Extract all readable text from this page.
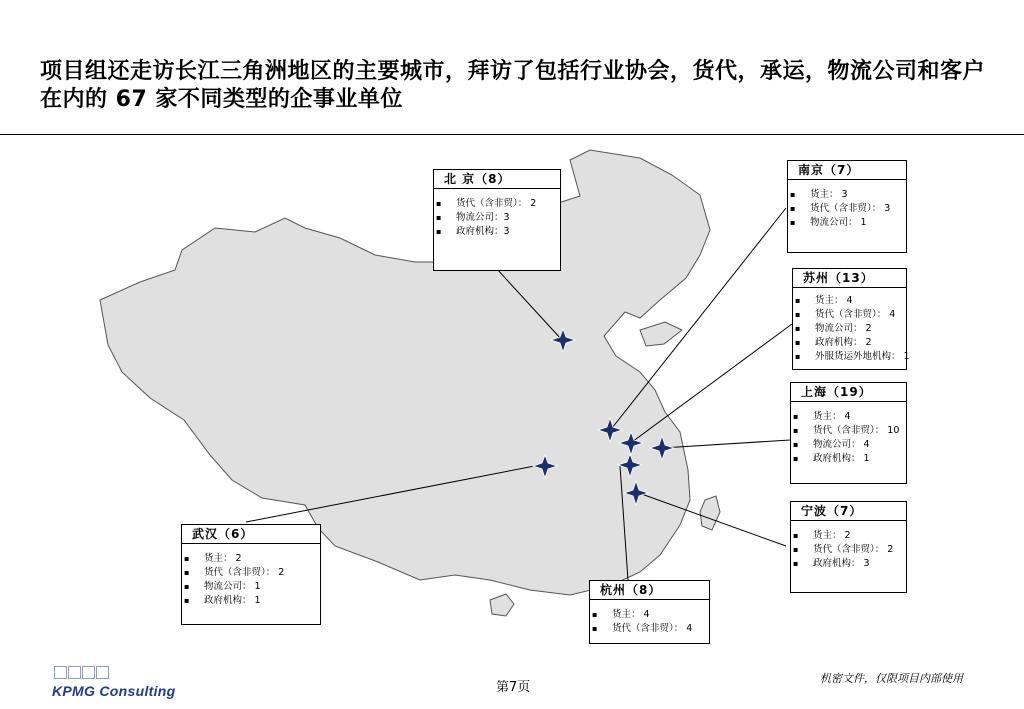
项目组还走访长江三角洲地区的主要城市，拜访了包括行业协会，货代，承运，物流公司和客户在内的 67 家不同类型的企事业单位
北 京（8）
▪ 货代（含非贸）： 2
▪ 物流公司：3
▪ 政府机构：3
南京（7）
▪ 货主： 3
▪ 货代（含非贸）： 3
▪ 物流公司： 1
苏州（13）
▪ 货主： 4
▪ 货代（含非贸）： 4
▪ 物流公司： 2
▪ 政府机构： 2
▪ 外服货运外地机构： 1
上海（19）
▪ 货主： 4
▪ 货代（含非贸）： 10
▪ 物流公司： 4
▪ 政府机构： 1
宁波（7）
▪ 货主： 2
▪ 货代（含非贸）： 2
▪ 政府机构： 3
杭州（8）
▪ 货主： 4
▪ 货代（含非贸）： 4
武汉（6）
▪ 货主： 2
▪ 货代（含非贸）： 2
▪ 物流公司： 1
▪ 政府机构： 1
KPMG Consulting	第7页
机密文件，仅限项目内部使用
